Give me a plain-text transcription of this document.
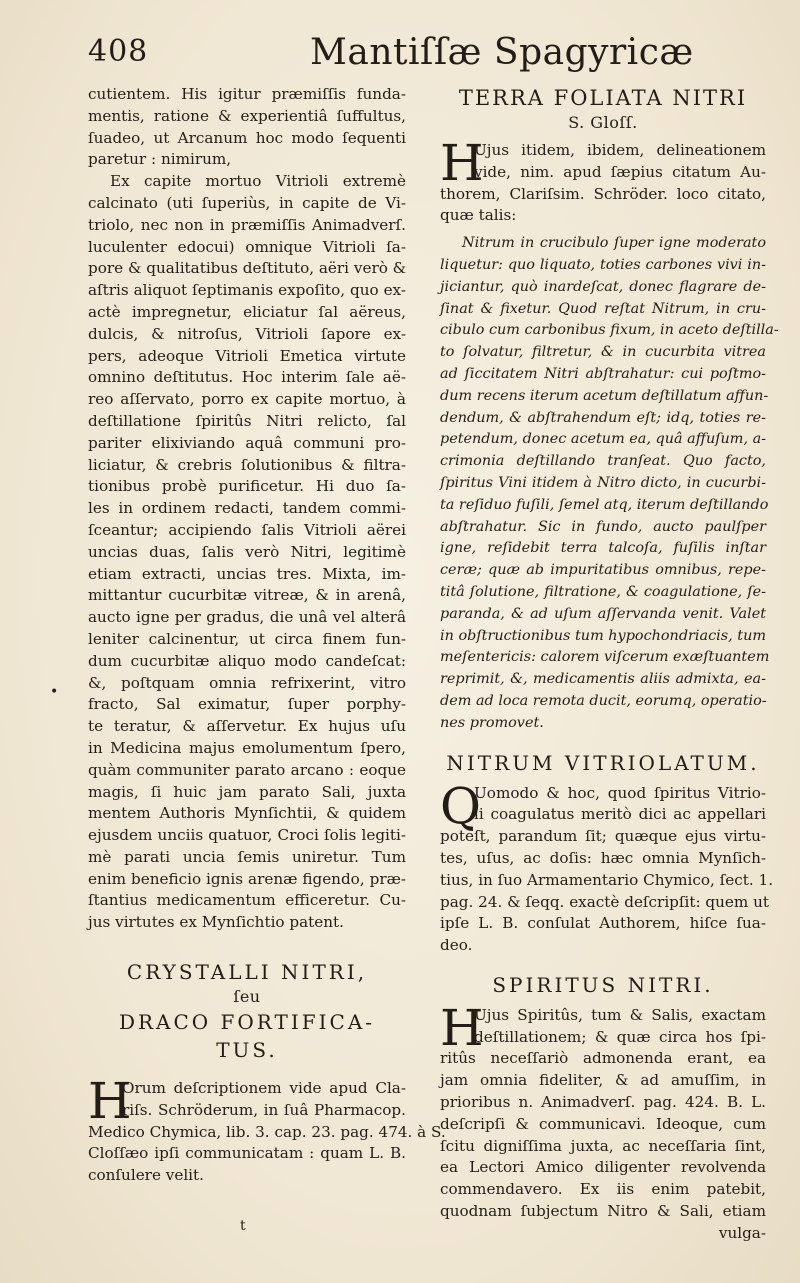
408	Mantiſſæ Spagyricæ
•
cutientem. His igitur præmiſſis funda-
mentis, ratione & experientiâ ſuffultus,
ſuadeo, ut Arcanum hoc modo ſequenti
paretur : nimirum,
Ex capite mortuo Vitrioli extremè
calcinato (uti ſuperiùs, in capite de Vi-
triolo, nec non in præmiſſis Animadverſ.
luculenter edocui) omnique Vitrioli ſa-
pore & qualitatibus deſtituto, aëri verò &
aſtris aliquot ſeptimanis expoſito, quo ex-
actè impregnetur, eliciatur ſal aëreus,
dulcis, & nitroſus, Vitrioli ſapore ex-
pers, adeoque Vitrioli Emetica virtute
omnino deſtitutus. Hoc interim ſale aë-
reo aſſervato, porro ex capite mortuo, à
deſtillatione ſpiritûs Nitri relicto, ſal
pariter elixiviando aquâ communi pro-
liciatur, & crebris ſolutionibus & filtra-
tionibus probè purificetur. Hi duo ſa-
les in ordinem redacti, tandem commi-
ſceantur; accipiendo ſalis Vitrioli aërei
uncias duas, ſalis verò Nitri, legitimè
etiam extracti, uncias tres. Mixta, im-
mittantur cucurbitæ vitreæ, & in arenâ,
aucto igne per gradus, die unâ vel alterâ
leniter calcinentur, ut circa finem fun-
dum cucurbitæ aliquo modo candeſcat:
&, poſtquam omnia refrixerint, vitro
fracto, Sal eximatur, ſuper porphy-
te teratur, & aſſervetur. Ex hujus uſu
in Medicina majus emolumentum ſpero,
quàm communiter parato arcano : eoque
magis, ſi huic jam parato Sali, juxta
mentem Authoris Mynſichtii, & quidem
ejusdem unciis quatuor, Croci ſolis legiti-
mè parati uncia ſemis uniretur. Tum
enim beneficio ignis arenæ figendo, præ-
ſtantius medicamentum efficeretur. Cu-
jus virtutes ex Mynſichtio patent.
CRYSTALLI NITRI,
ſeu
DRACO FORTIFICA-
TUS.
H
Orum deſcriptionem vide apud Cla-
riſs. Schröderum, in ſuâ Pharmacop.
Medico Chymica, lib. 3. cap. 23. pag. 474. à S.
Cloſſæo ipſi communicatam : quam L. B.
conſulere velit.
t
TERRA FOLIATA NITRI
S. Gloſſ.
H
Ujus itidem, ibidem, delineationem
vide, nim. apud ſæpius citatum Au-
thorem, Clariſsim. Schröder. loco citato,
quæ talis:
Nitrum in crucibulo ſuper igne moderato
liquetur: quo liquato, toties carbones vivi in-
jiciantur, quò inardeſcat, donec flagrare de-
ſinat & fixetur. Quod reſtat Nitrum, in cru-
cibulo cum carbonibus fixum, in aceto deſtilla-
to ſolvatur, filtretur, & in cucurbita vitrea
ad ſiccitatem Nitri abſtrahatur: cui poſtmo-
dum recens iterum acetum deſtillatum affun-
dendum, & abſtrahendum eſt; idq, toties re-
petendum, donec acetum ea, quâ affuſum, a-
crimonia deſtillando tranſeat. Quo facto,
ſpiritus Vini itidem à Nitro dicto, in cucurbi-
ta reſiduo fuſili, ſemel atq, iterum deſtillando
abſtrahatur. Sic in fundo, aucto paulſper
igne, reſidebit terra talcoſa, fuſilis inſtar
ceræ; quæ ab impuritatibus omnibus, repe-
titâ ſolutione, filtratione, & coagulatione, ſe-
paranda, & ad uſum aſſervanda venit. Valet
in obſtructionibus tum hypochondriacis, tum
meſentericis: calorem viſcerum exæſtuantem
reprimit, &, medicamentis aliis admixta, ea-
dem ad loca remota ducit, eorumq, operatio-
nes promovet.
NITRUM VITRIOLATUM.
Q
Uomodo & hoc, quod ſpiritus Vitrio-
li coagulatus meritò dici ac appellari
poteſt, parandum ſit; quæque ejus virtu-
tes, uſus, ac doſis: hæc omnia Mynſich-
tius, in ſuo Armamentario Chymico, ſect. 1.
pag. 24. & ſeqq. exactè deſcripſit: quem ut
ipſe L. B. conſulat Authorem, hiſce ſua-
deo.
SPIRITUS NITRI.
H
Ujus Spiritûs, tum & Salis, exactam
deſtillationem; & quæ circa hos ſpi-
ritûs neceſſariò admonenda erant, ea
jam omnia fideliter, & ad amuſſim, in
prioribus n. Animadverſ. pag. 424. B. L.
deſcripſi & communicavi. Ideoque, cum
ſcitu digniſſima juxta, ac neceſſaria ſint,
ea Lectori Amico diligenter revolvenda
commendavero. Ex iis enim patebit,
quodnam ſubjectum Nitro & Sali, etiam
vulga-
